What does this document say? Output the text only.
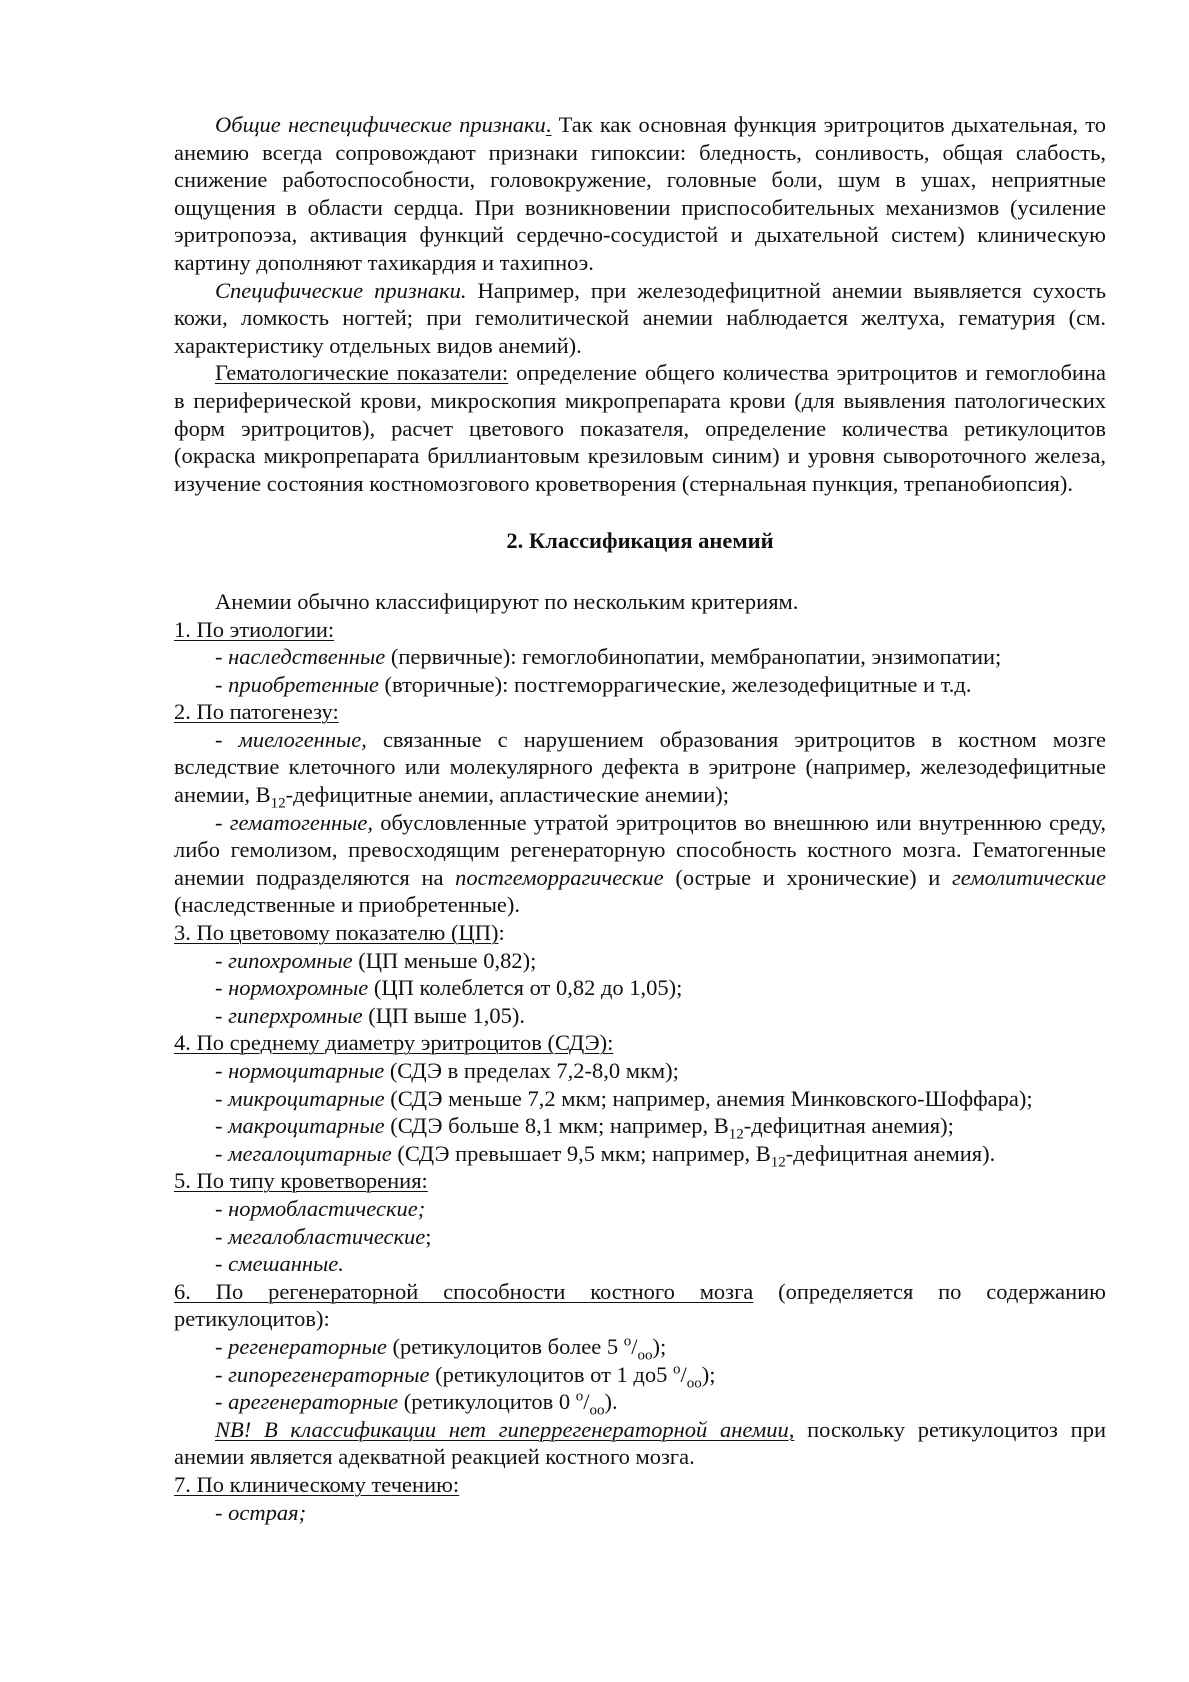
Общие неспецифические признаки. Так как основная функция эритроцитов дыхательная, то анемию всегда сопровождают признаки гипоксии: бледность, сонливость, общая слабость, снижение работоспособности, головокружение, головные боли, шум в ушах, неприятные ощущения в области сердца. При возникновении приспособительных механизмов (усиление эритропоэза, активация функций сердечно-сосудистой и дыхательной систем) клиническую картину дополняют тахикардия и тахипноэ.

Специфические признаки. Например, при железодефицитной анемии выявляется сухость кожи, ломкость ногтей; при гемолитической анемии наблюдается желтуха, гематурия (см. характеристику отдельных видов анемий).

Гематологические показатели: определение общего количества эритроцитов и гемоглобина в периферической крови, микроскопия микропрепарата крови (для выявления патологических форм эритроцитов), расчет цветового показателя, определение количества ретикулоцитов (окраска микропрепарата бриллиантовым крезиловым синим) и уровня сывороточного железа, изучение состояния костномозгового кроветворения (стернальная пункция, трепанобиопсия).

2. Классификация анемий

Анемии обычно классифицируют по нескольким критериям.

1. По этиологии:

- наследственные (первичные): гемоглобинопатии, мембранопатии, энзимопатии;

- приобретенные (вторичные): постгеморрагические, железодефицитные и т.д.

2. По патогенезу:

- миелогенные, связанные с нарушением образования эритроцитов в костном мозге вследствие клеточного или молекулярного дефекта в эритроне (например, железодефицитные анемии, $В_{12}$-дефицитные анемии, апластические анемии);

- гематогенные, обусловленные утратой эритроцитов во внешнюю или внутреннюю среду, либо гемолизом, превосходящим регенераторную способность костного мозга. Гематогенные анемии подразделяются на постгеморрагические (острые и хронические) и гемолитические (наследственные и приобретенные).

3. По цветовому показателю (ЦП):

- гипохромные (ЦП меньше 0,82);

- нормохромные (ЦП колеблется от 0,82 до 1,05);

- гиперхромные (ЦП выше 1,05).

4. По среднему диаметру эритроцитов (СДЭ):

- нормоцитарные (СДЭ в пределах 7,2-8,0 мкм);

- микроцитарные (СДЭ меньше 7,2 мкм; например, анемия Минковского-Шоффара);

- макроцитарные (СДЭ больше 8,1 мкм; например, $В_{12}$-дефицитная анемия);

- мегалоцитарные (СДЭ превышает 9,5 мкм; например, $В_{12}$-дефицитная анемия).

5. По типу кроветворения:

- нормобластические;

- мегалобластические;

- смешанные.

6. По регенераторной способности костного мозга (определяется по содержанию ретикулоцитов):

- регенераторные (ретикулоцитов более 5 $^о/_{оо}$);

- гипорегенераторные (ретикулоцитов от 1 до5 $^о/_{оо}$);

- арегенераторные (ретикулоцитов 0 $^о/_{оо}$).

NB! В классификации нет гиперрегенераторной анемии, поскольку ретикулоцитоз при анемии является адекватной реакцией костного мозга.

7. По клиническому течению:

- острая;
